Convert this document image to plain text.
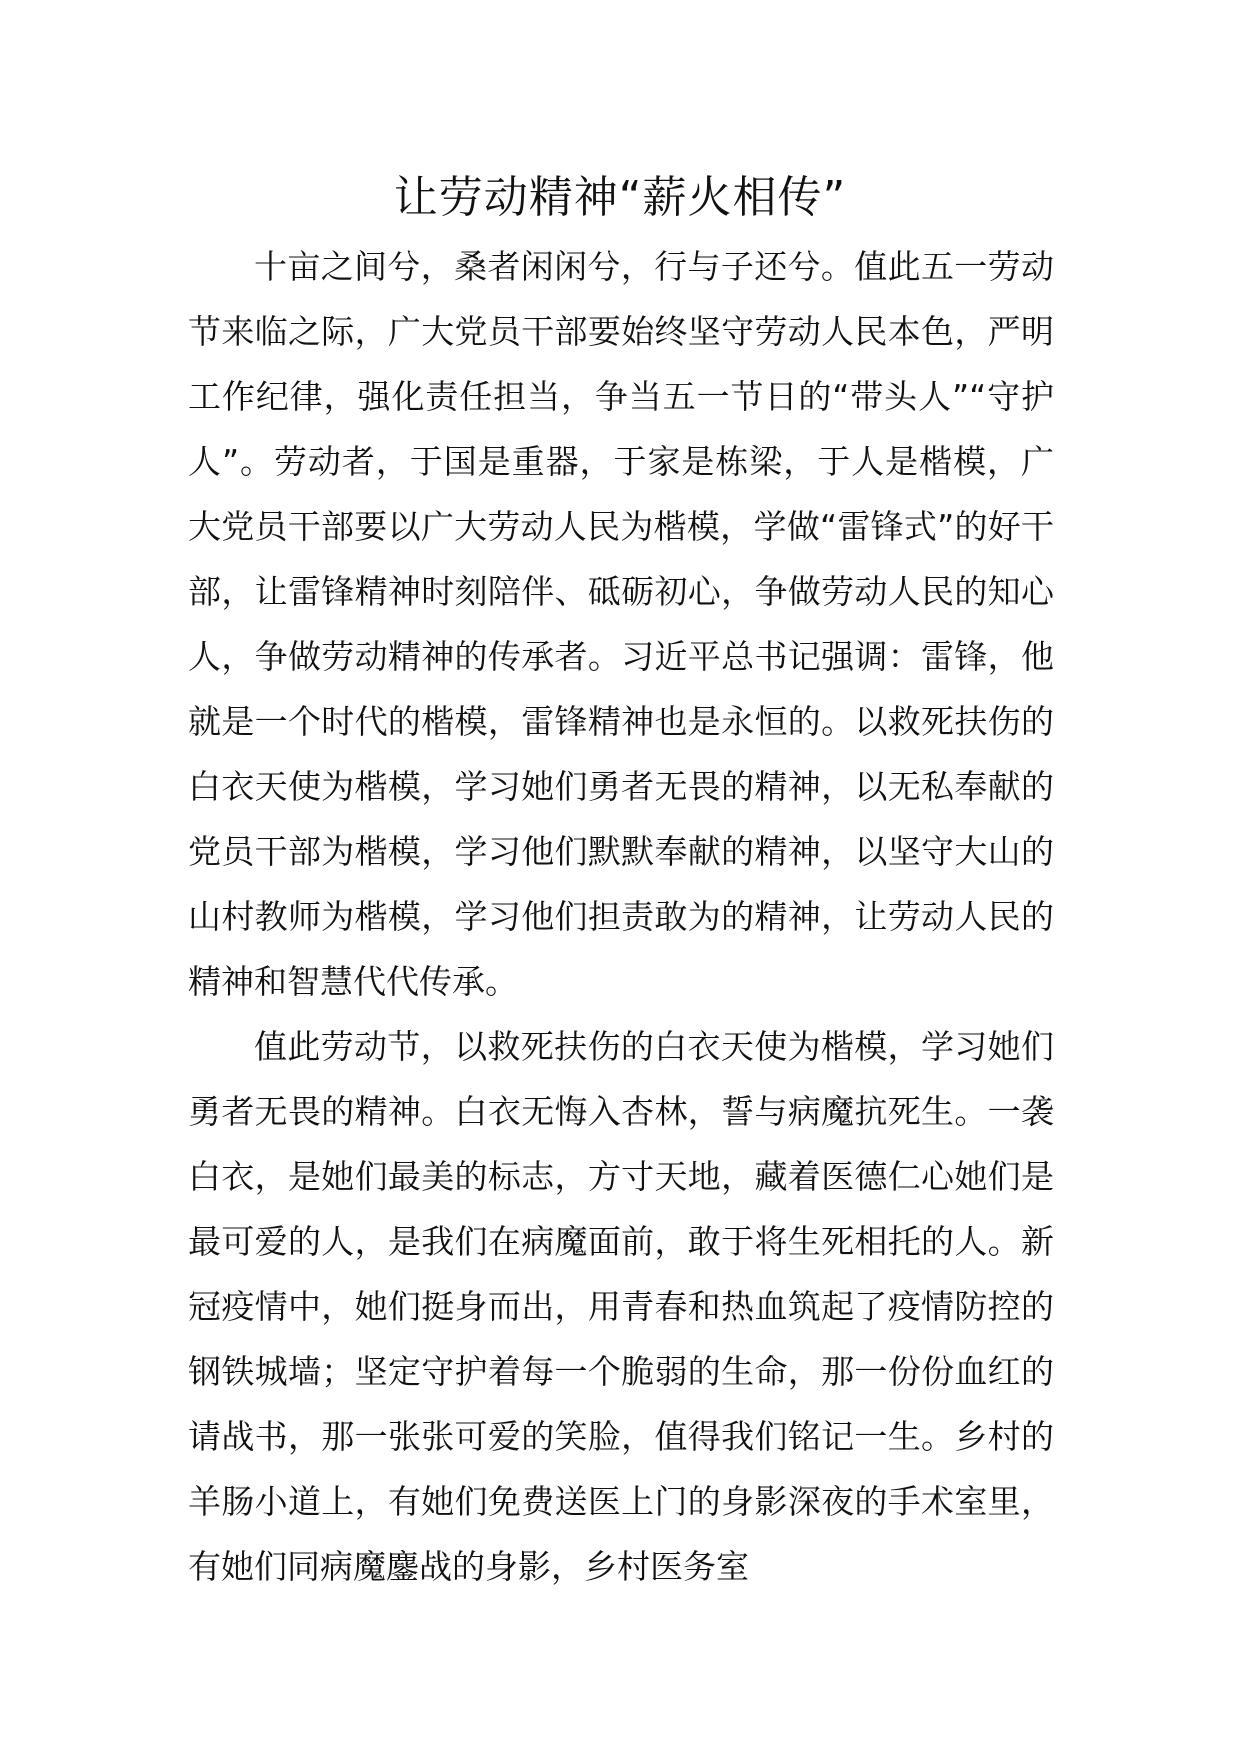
让劳动精神“薪火相传”

十亩之间兮，桑者闲闲兮，行与子还兮。值此五一劳动节来临之际，广大党员干部要始终坚守劳动人民本色，严明工作纪律，强化责任担当，争当五一节日的“带头人”“守护人”。劳动者，于国是重器，于家是栋梁，于人是楷模，广大党员干部要以广大劳动人民为楷模，学做“雷锋式”的好干部，让雷锋精神时刻陪伴、砥砺初心，争做劳动人民的知心人，争做劳动精神的传承者。习近平总书记强调：雷锋，他就是一个时代的楷模，雷锋精神也是永恒的。以救死扶伤的白衣天使为楷模，学习她们勇者无畏的精神，以无私奉献的党员干部为楷模，学习他们默默奉献的精神，以坚守大山的山村教师为楷模，学习他们担责敢为的精神，让劳动人民的精神和智慧代代传承。

值此劳动节，以救死扶伤的白衣天使为楷模，学习她们勇者无畏的精神。白衣无悔入杏林，誓与病魔抗死生。一袭白衣，是她们最美的标志，方寸天地，藏着医德仁心她们是最可爱的人，是我们在病魔面前，敢于将生死相托的人。新冠疫情中，她们挺身而出，用青春和热血筑起了疫情防控的钢铁城墙；坚定守护着每一个脆弱的生命，那一份份血红的请战书，那一张张可爱的笑脸，值得我们铭记一生。乡村的羊肠小道上，有她们免费送医上门的身影深夜的手术室里，有她们同病魔鏖战的身影，乡村医务室
